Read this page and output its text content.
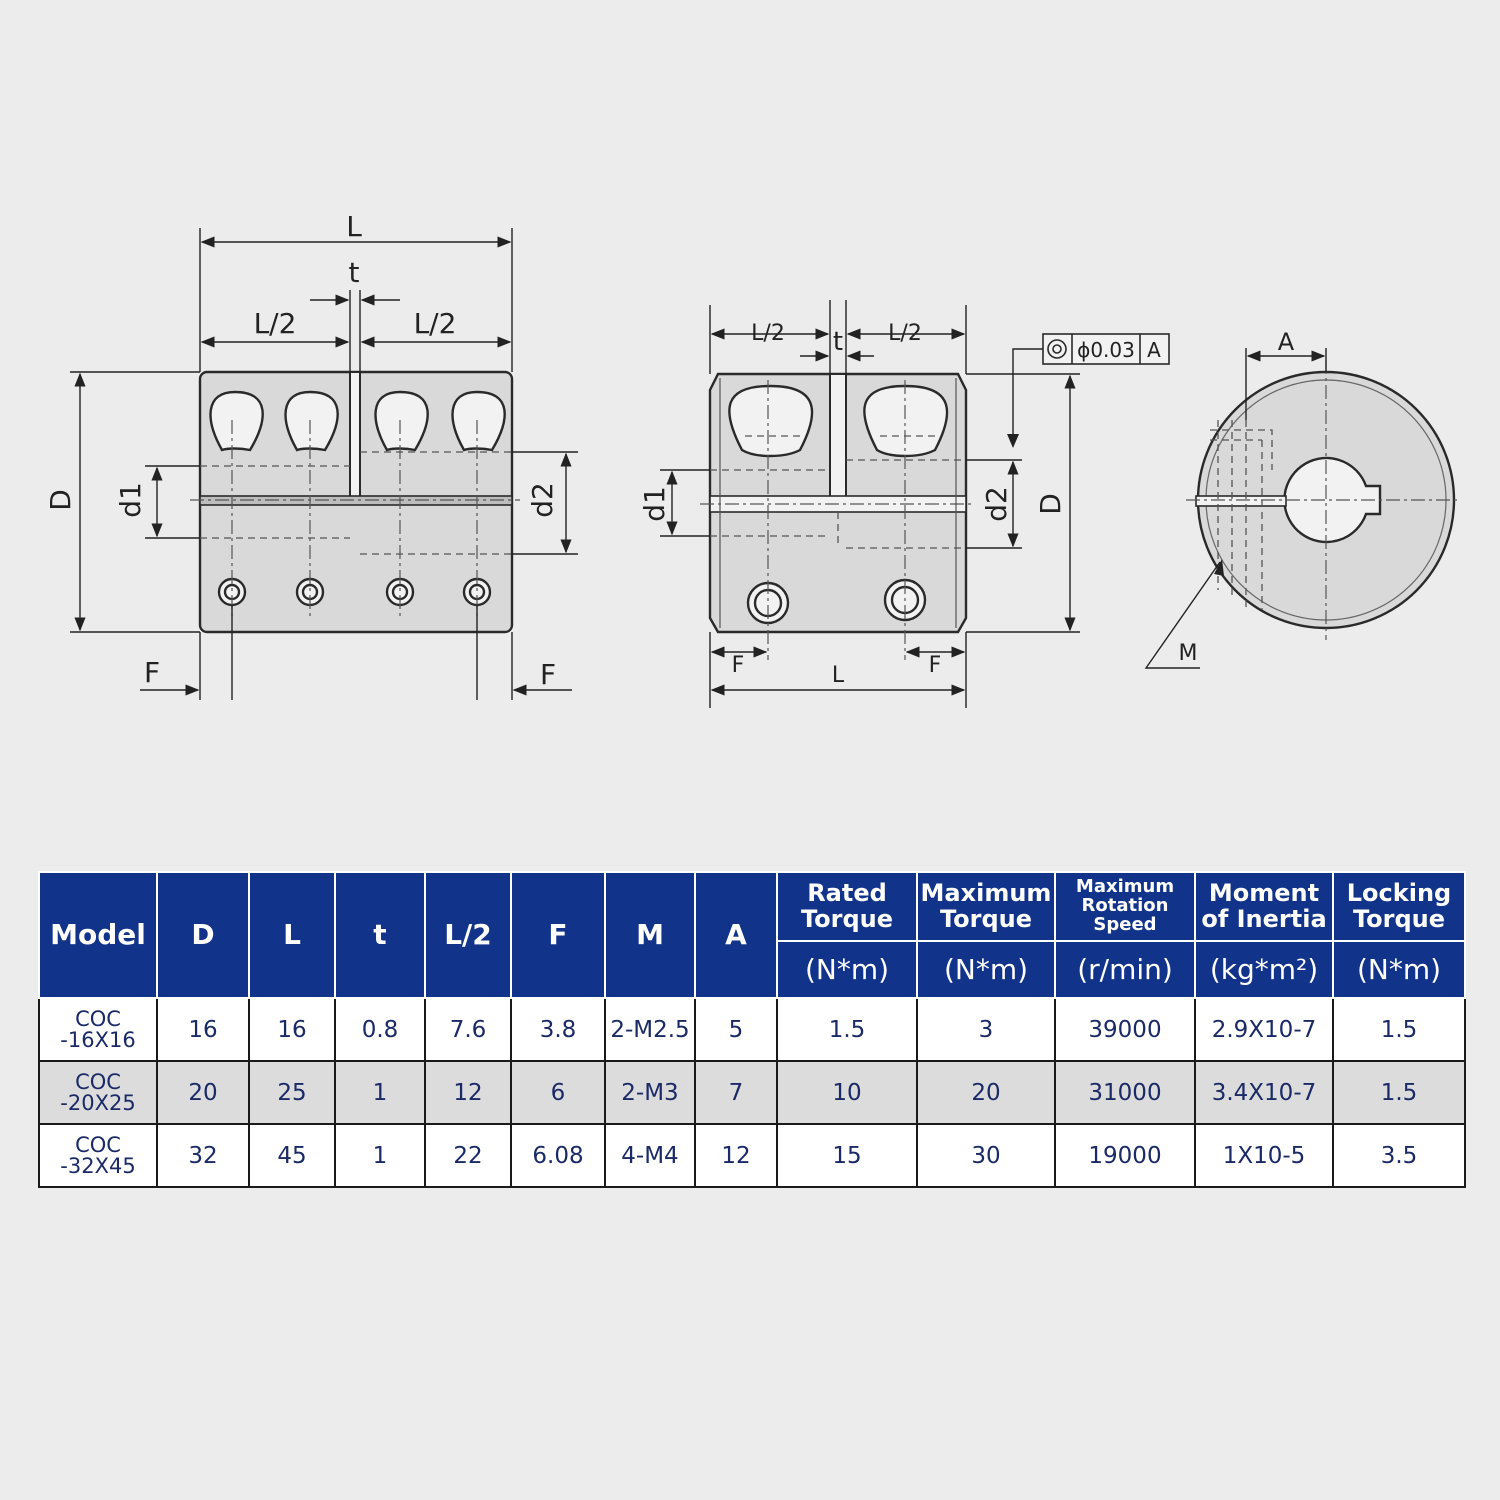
L
t
L/2	L/2
D d1	d2
F	F
L/2	L/2
t	ϕ0.03 A
d1	d2 D
F	F
L
A
M
Model	D	L	t	L/2	F	M	A	Rated Torque	Maximum Torque	Maximum Rotation Speed	Moment of Inertia	Locking Torque
								(N*m)	(N*m)	(r/min)	(kg*m²)	(N*m)

COC
-16X16	16	16	0.8	7.6	3.8	2-M2.5	5	1.5	3	39000	2.9X10-7	1.5

COC
-20X25	20	25	1	12	6	2-M3	7	10	20	31000	3.4X10-7	1.5

COC
-32X45	32	45	1	22	6.08	4-M4	12	15	30	19000	1X10-5	3.5
